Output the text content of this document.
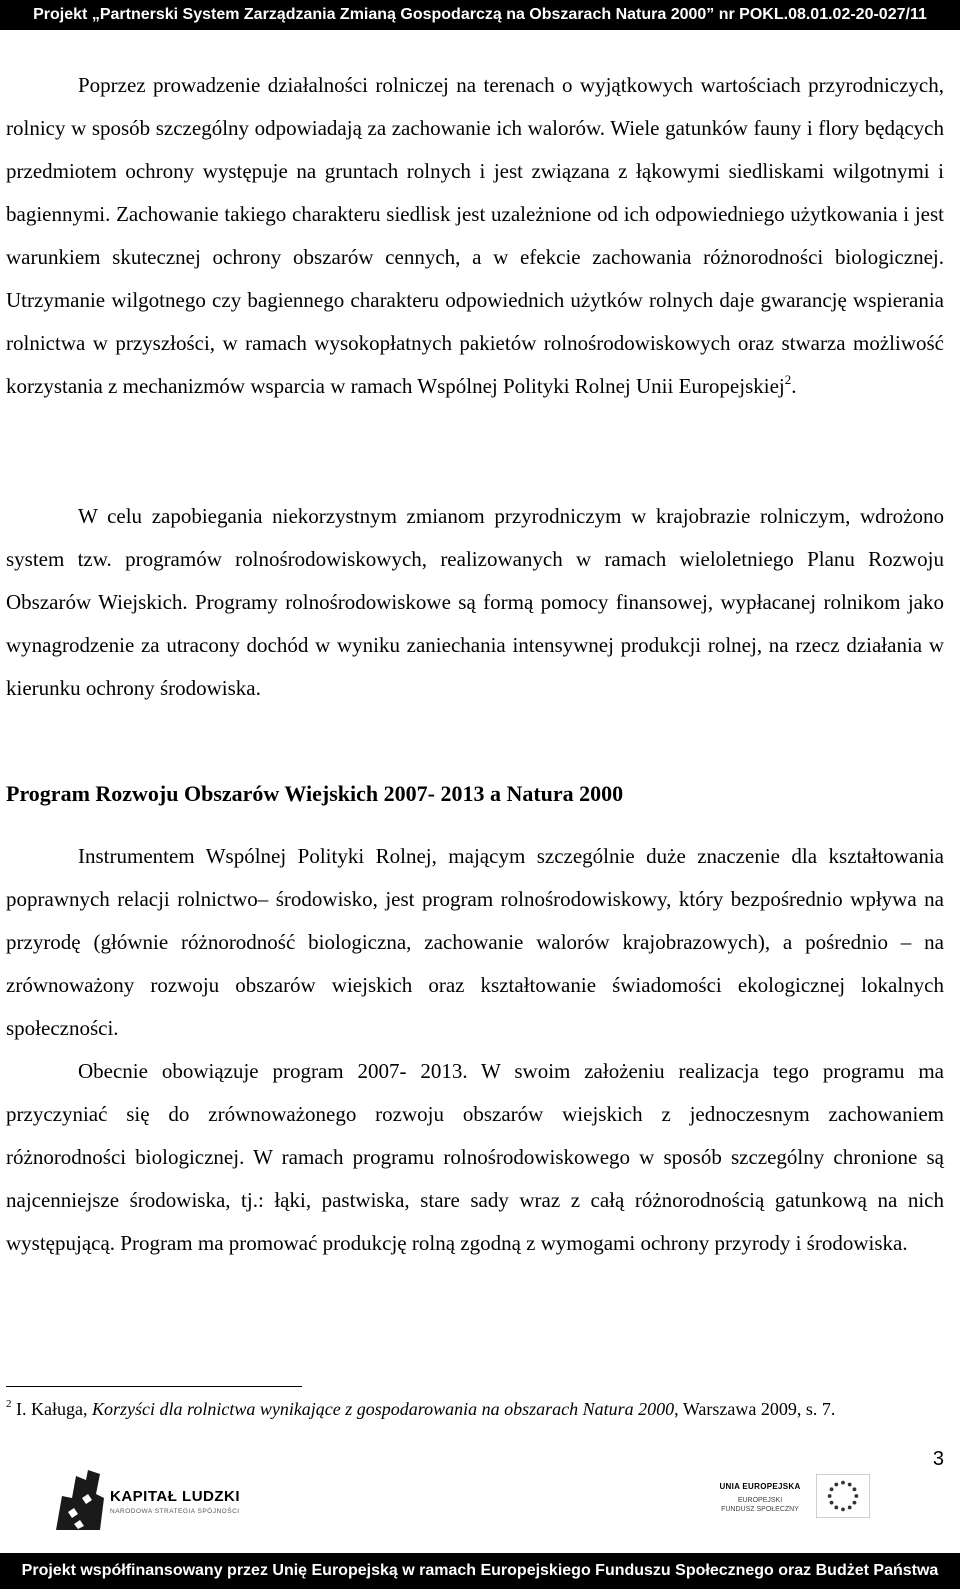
Projekt „Partnerski System Zarządzania Zmianą Gospodarczą na Obszarach Natura 2000” nr POKL.08.01.02-20-027/11

Poprzez prowadzenie działalności rolniczej na terenach o wyjątkowych wartościach przyrodniczych, rolnicy w sposób szczególny odpowiadają za zachowanie ich walorów. Wiele gatunków fauny i flory będących przedmiotem ochrony występuje na gruntach rolnych i jest związana z łąkowymi siedliskami wilgotnymi i bagiennymi. Zachowanie takiego charakteru siedlisk jest uzależnione od ich odpowiedniego użytkowania i jest warunkiem skutecznej ochrony obszarów cennych, a w efekcie zachowania różnorodności biologicznej. Utrzymanie wilgotnego czy bagiennego charakteru odpowiednich użytków rolnych daje gwarancję wspierania rolnictwa w przyszłości, w ramach wysokopłatnych pakietów rolnośrodowiskowych oraz stwarza możliwość korzystania z mechanizmów wsparcia w ramach Wspólnej Polityki Rolnej Unii Europejskiej$^2$.

W celu zapobiegania niekorzystnym zmianom przyrodniczym w krajobrazie rolniczym, wdrożono system tzw. programów rolnośrodowiskowych, realizowanych w ramach wieloletniego Planu Rozwoju Obszarów Wiejskich. Programy rolnośrodowiskowe są formą pomocy finansowej, wypłacanej rolnikom jako wynagrodzenie za utracony dochód w wyniku zaniechania intensywnej produkcji rolnej, na rzecz działania w kierunku ochrony środowiska.

Program Rozwoju Obszarów Wiejskich 2007- 2013 a Natura 2000

Instrumentem Wspólnej Polityki Rolnej, mającym szczególnie duże znaczenie dla kształtowania poprawnych relacji rolnictwo– środowisko, jest program rolnośrodowiskowy, który bezpośrednio wpływa na przyrodę (głównie różnorodność biologiczna, zachowanie walorów krajobrazowych), a pośrednio – na zrównoważony rozwoju obszarów wiejskich oraz kształtowanie świadomości ekologicznej lokalnych społeczności.

Obecnie obowiązuje program 2007- 2013. W swoim założeniu realizacja tego programu ma przyczyniać się do zrównoważonego rozwoju obszarów wiejskich z jednoczesnym zachowaniem różnorodności biologicznej. W ramach programu rolnośrodowiskowego w sposób szczególny chronione są najcenniejsze środowiska, tj.: łąki, pastwiska, stare sady wraz z całą różnorodnością gatunkową na nich występującą. Program ma promować produkcję rolną zgodną z wymogami ochrony przyrody i środowiska.

$^2$ I. Kaługa, Korzyści dla rolnictwa wynikające z gospodarowania na obszarach Natura 2000, Warszawa 2009, s. 7.

3
KAPITAŁ LUDZKI
NARODOWA STRATEGIA SPÓJNOŚCI
UNIA EUROPEJSKA
EUROPEJSKI
FUNDUSZ SPOŁECZNY
Projekt współfinansowany przez Unię Europejską w ramach Europejskiego Funduszu Społecznego oraz Budżet Państwa
